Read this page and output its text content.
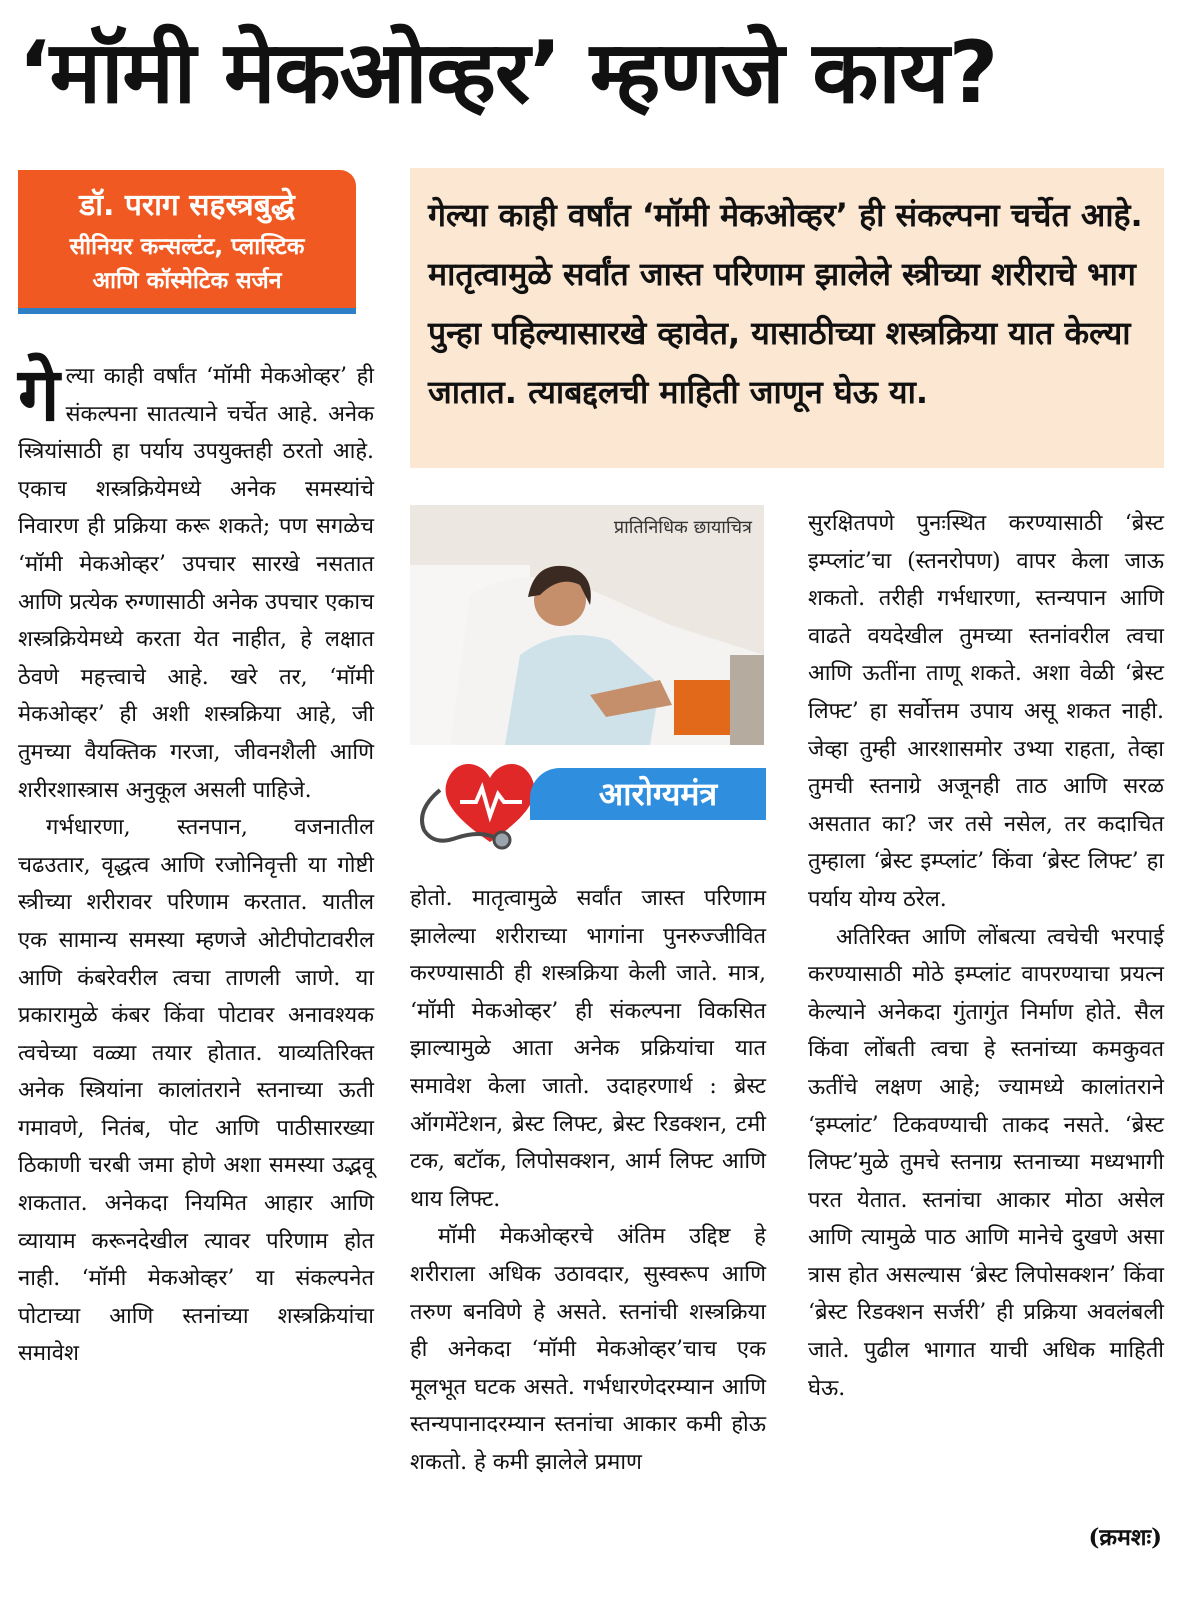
‘मॉमी मेकओव्हर’ म्हणजे काय?
डॉ. पराग सहस्त्रबुद्धे
सीनियर कन्सल्टंट, प्लास्टिक
आणि कॉस्मेटिक सर्जन
गेल्या काही वर्षांत ‘मॉमी मेकओव्हर’ ही संकल्पना चर्चेत आहे. मातृत्वामुळे सर्वांत जास्त परिणाम झालेले स्त्रीच्या शरीराचे भाग पुन्हा पहिल्यासारखे व्हावेत, यासाठीच्या शस्त्रक्रिया यात केल्या जातात. त्याबद्दलची माहिती जाणून घेऊ या.

गेल्या काही वर्षांत ‘मॉमी मेकओव्हर’ ही संकल्पना सातत्याने चर्चेत आहे. अनेक स्त्रियांसाठी हा पर्याय उपयुक्तही ठरतो आहे. एकाच शस्त्रक्रियेमध्ये अनेक समस्यांचे निवारण ही प्रक्रिया करू शकते; पण सगळेच ‘मॉमी मेकओव्हर’ उपचार सारखे नसतात आणि प्रत्येक रुग्णासाठी अनेक उपचार एकाच शस्त्रक्रियेमध्ये करता येत नाहीत, हे लक्षात ठेवणे महत्त्वाचे आहे. खरे तर, ‘मॉमी मेकओव्हर’ ही अशी शस्त्रक्रिया आहे, जी तुमच्या वैयक्तिक गरजा, जीवनशैली आणि शरीरशास्त्रास अनुकूल असली पाहिजे.

गर्भधारणा, स्तनपान, वजनातील चढउतार, वृद्धत्व आणि रजोनिवृत्ती या गोष्टी स्त्रीच्या शरीरावर परिणाम करतात. यातील एक सामान्य समस्या म्हणजे ओटीपोटावरील आणि कंबरेवरील त्वचा ताणली जाणे. या प्रकारामुळे कंबर किंवा पोटावर अनावश्यक त्वचेच्या वळ्या तयार होतात. याव्यतिरिक्त अनेक स्त्रियांना कालांतराने स्तनाच्या ऊती गमावणे, नितंब, पोट आणि पाठीसारख्या ठिकाणी चरबी जमा होणे अशा समस्या उद्भवू शकतात. अनेकदा नियमित आहार आणि व्यायाम करूनदेखील त्यावर परिणाम होत नाही. ‘मॉमी मेकओव्हर’ या संकल्पनेत पोटाच्या आणि स्तनांच्या शस्त्रक्रियांचा समावेश

प्रातिनिधिक छायाचित्र
आरोग्यमंत्र

होतो. मातृत्वामुळे सर्वांत जास्त परिणाम झालेल्या शरीराच्या भागांना पुनरुज्जीवित करण्यासाठी ही शस्त्रक्रिया केली जाते. मात्र, ‘मॉमी मेकओव्हर’ ही संकल्पना विकसित झाल्यामुळे आता अनेक प्रक्रियांचा यात समावेश केला जातो. उदाहरणार्थ : ब्रेस्ट ऑगमेंटेशन, ब्रेस्ट लिफ्ट, ब्रेस्ट रिडक्शन, टमी टक, बटॉक, लिपोसक्शन, आर्म लिफ्ट आणि थाय लिफ्ट.

मॉमी मेकओव्हरचे अंतिम उद्दिष्ट हे शरीराला अधिक उठावदार, सुस्वरूप आणि तरुण बनविणे हे असते. स्तनांची शस्त्रक्रिया ही अनेकदा ‘मॉमी मेकओव्हर’चाच एक मूलभूत घटक असते. गर्भधारणेदरम्यान आणि स्तन्यपानादरम्यान स्तनांचा आकार कमी होऊ शकतो. हे कमी झालेले प्रमाण

सुरक्षितपणे पुनःस्थित करण्यासाठी ‘ब्रेस्ट इम्प्लांट’चा (स्तनरोपण) वापर केला जाऊ शकतो. तरीही गर्भधारणा, स्तन्यपान आणि वाढते वयदेखील तुमच्या स्तनांवरील त्वचा आणि ऊतींना ताणू शकते. अशा वेळी ‘ब्रेस्ट लिफ्ट’ हा सर्वोत्तम उपाय असू शकत नाही. जेव्हा तुम्ही आरशासमोर उभ्या राहता, तेव्हा तुमची स्तनाग्रे अजूनही ताठ आणि सरळ असतात का? जर तसे नसेल, तर कदाचित तुम्हाला ‘ब्रेस्ट इम्प्लांट’ किंवा ‘ब्रेस्ट लिफ्ट’ हा पर्याय योग्य ठरेल.

अतिरिक्त आणि लोंबत्या त्वचेची भरपाई करण्यासाठी मोठे इम्प्लांट वापरण्याचा प्रयत्न केल्याने अनेकदा गुंतागुंत निर्माण होते. सैल किंवा लोंबती त्वचा हे स्तनांच्या कमकुवत ऊतींचे लक्षण आहे; ज्यामध्ये कालांतराने ‘इम्प्लांट’ टिकवण्याची ताकद नसते. ‘ब्रेस्ट लिफ्ट’मुळे तुमचे स्तनाग्र स्तनाच्या मध्यभागी परत येतात. स्तनांचा आकार मोठा असेल आणि त्यामुळे पाठ आणि मानेचे दुखणे असा त्रास होत असल्यास ‘ब्रेस्ट लिपोसक्शन’ किंवा ‘ब्रेस्ट रिडक्शन सर्जरी’ ही प्रक्रिया अवलंबली जाते. पुढील भागात याची अधिक माहिती घेऊ.

(क्रमशः)
